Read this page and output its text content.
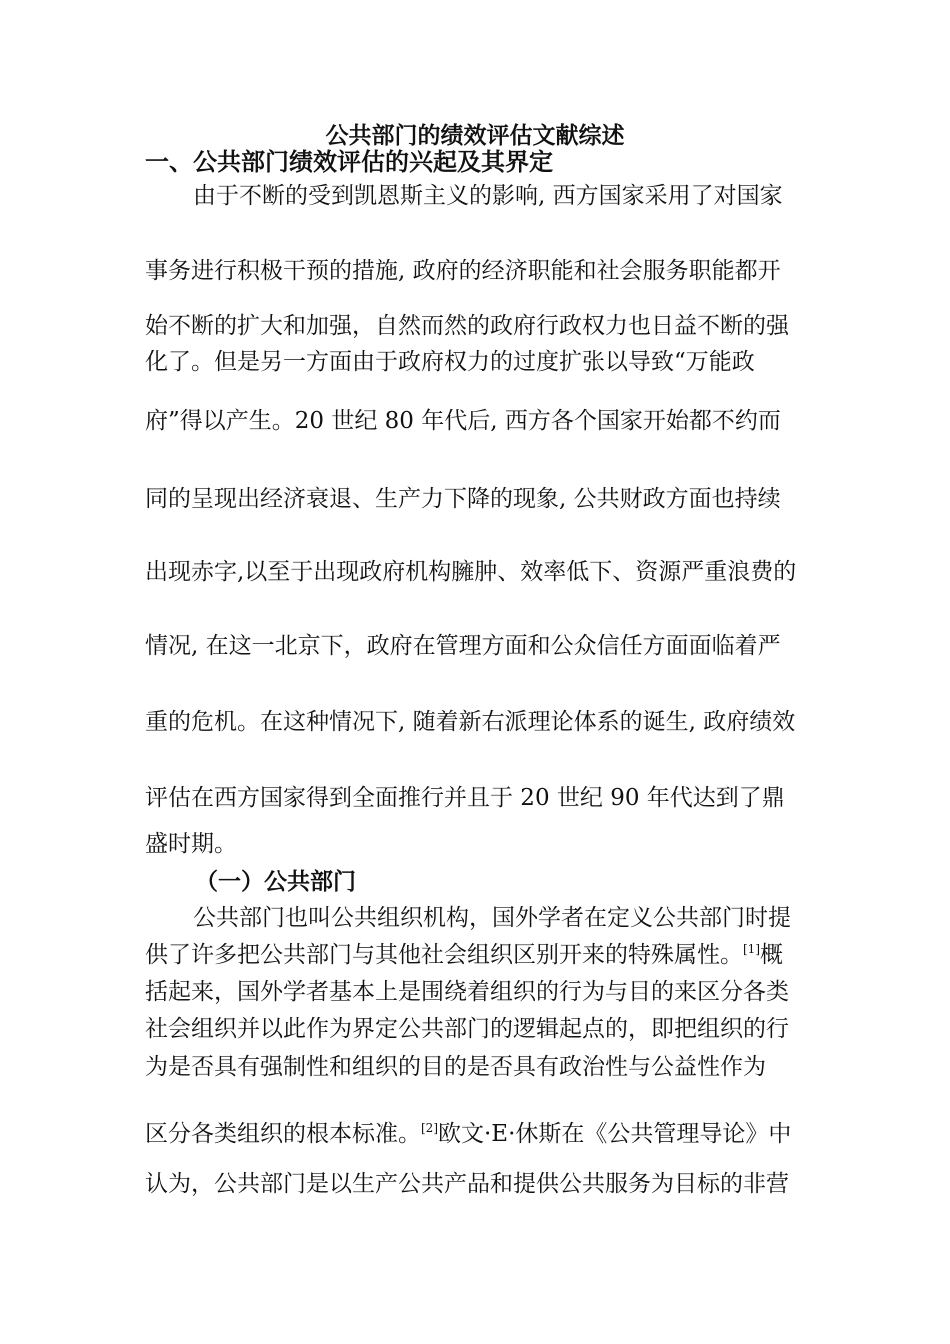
公共部门的绩效评估文献综述
一、公共部门绩效评估的兴起及其界定
由于不断的受到凯恩斯主义的影响, 西方国家采用了对国家
事务进行积极干预的措施, 政府的经济职能和社会服务职能都开
始不断的扩大和加强，自然而然的政府行政权力也日益不断的强
化了。但是另一方面由于政府权力的过度扩张以导致“万能政
府”得以产生。20 世纪 80 年代后, 西方各个国家开始都不约而
同的呈现出经济衰退、生产力下降的现象, 公共财政方面也持续
出现赤字,以至于出现政府机构臃肿、效率低下、资源严重浪费的
情况, 在这一北京下，政府在管理方面和公众信任方面面临着严
重的危机。在这种情况下, 随着新右派理论体系的诞生, 政府绩效
评估在西方国家得到全面推行并且于 20 世纪 90 年代达到了鼎
盛时期。
（一）公共部门
公共部门也叫公共组织机构，国外学者在定义公共部门时提
供了许多把公共部门与其他社会组织区别开来的特殊属性。[1]概
括起来，国外学者基本上是围绕着组织的行为与目的来区分各类
社会组织并以此作为界定公共部门的逻辑起点的，即把组织的行
为是否具有强制性和组织的目的是否具有政治性与公益性作为
区分各类组织的根本标准。[2]欧文·E·休斯在《公共管理导论》中
认为，公共部门是以生产公共产品和提供公共服务为目标的非营
